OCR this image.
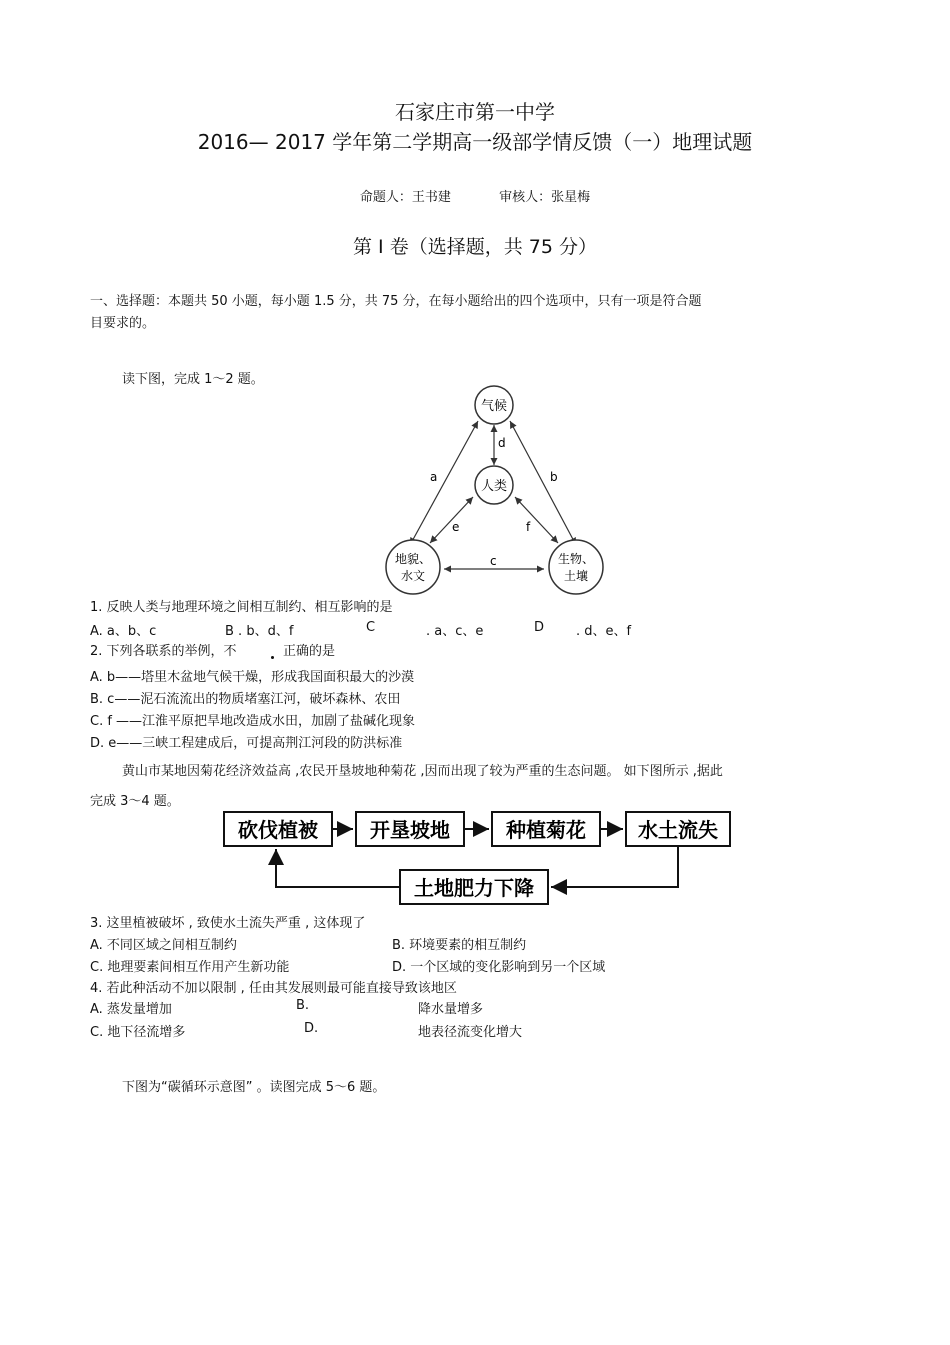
石家庄市第一中学
2016— 2017 学年第二学期高一级部学情反馈（一）地理试题
命题人：王书建	审核人：张星梅
第 I 卷（选择题，共 75 分）
一、选择题：本题共 50 小题，每小题 1.5 分，共 75 分，在每小题给出的四个选项中，只有一项是符合题
目要求的。
读下图，完成 1～2 题。
气候
人类
地貌、
水文
生物、
土壤
a	b
d
e	f
c
1. 反映人类与地理环境之间相互制约、相互影响的是
A. a、b、c	B . b、d、f	C	. a、c、e	D . d、e、f
2. 下列各联系的举例，不	正确的是
A. b——塔里木盆地气候干燥，形成我国面积最大的沙漠
B. c——泥石流流出的物质堵塞江河，破坏森林、农田
C. f ——江淮平原把旱地改造成水田，加剧了盐碱化现象
D. e——三峡工程建成后，可提高荆江河段的防洪标准
黄山市某地因菊花经济效益高 ,农民开垦坡地种菊花 ,因而出现了较为严重的生态问题。 如下图所示 ,据此
完成 3～4 题。
砍伐植被	开垦坡地	种植菊花	水土流失
土地肥力下降
3. 这里植被破坏 , 致使水土流失严重 , 这体现了
A. 不同区域之间相互制约	B. 环境要素的相互制约
C. 地理要素间相互作用产生新功能	D. 一个区域的变化影响到另一个区域
4. 若此种活动不加以限制 , 任由其发展则最可能直接导致该地区
A. 蒸发量增加	B.	降水量增多
C. 地下径流增多	D.	地表径流变化增大
下图为“碳循环示意图” 。读图完成 5～6 题。
